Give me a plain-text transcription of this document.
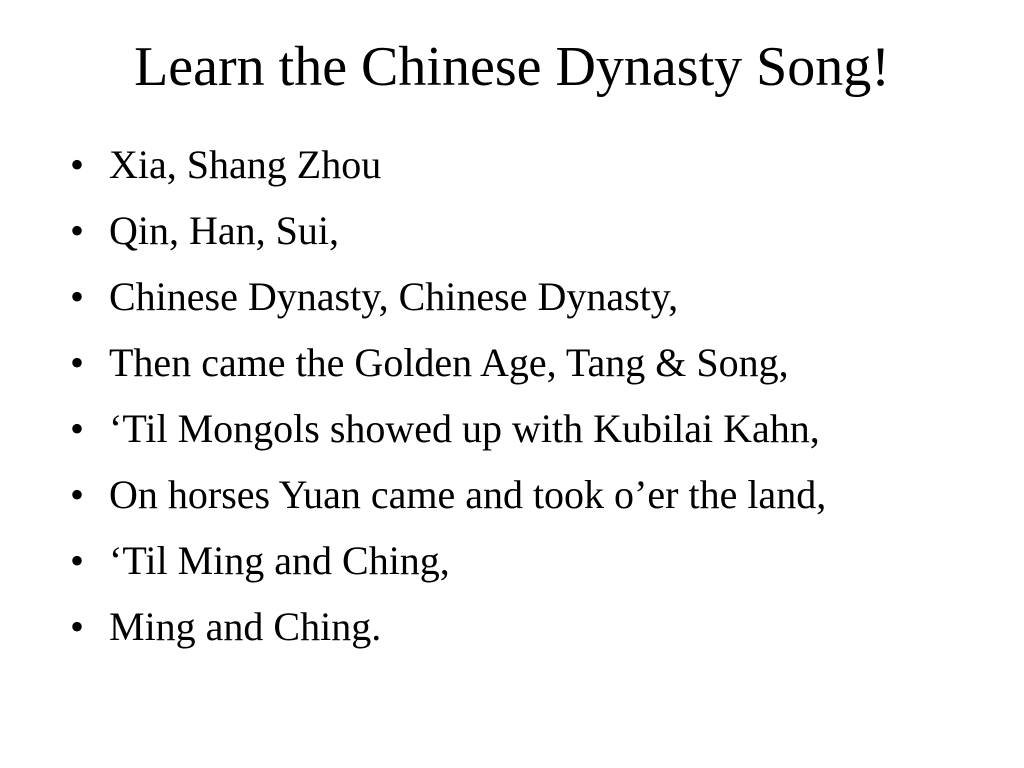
Learn the Chinese Dynasty Song!
• Xia, Shang Zhou
• Qin, Han, Sui,
• Chinese Dynasty, Chinese Dynasty,
• Then came the Golden Age, Tang & Song,
• ‘Til Mongols showed up with Kubilai Kahn,
• On horses Yuan came and took o’er the land,
• ‘Til Ming and Ching,
• Ming and Ching.
